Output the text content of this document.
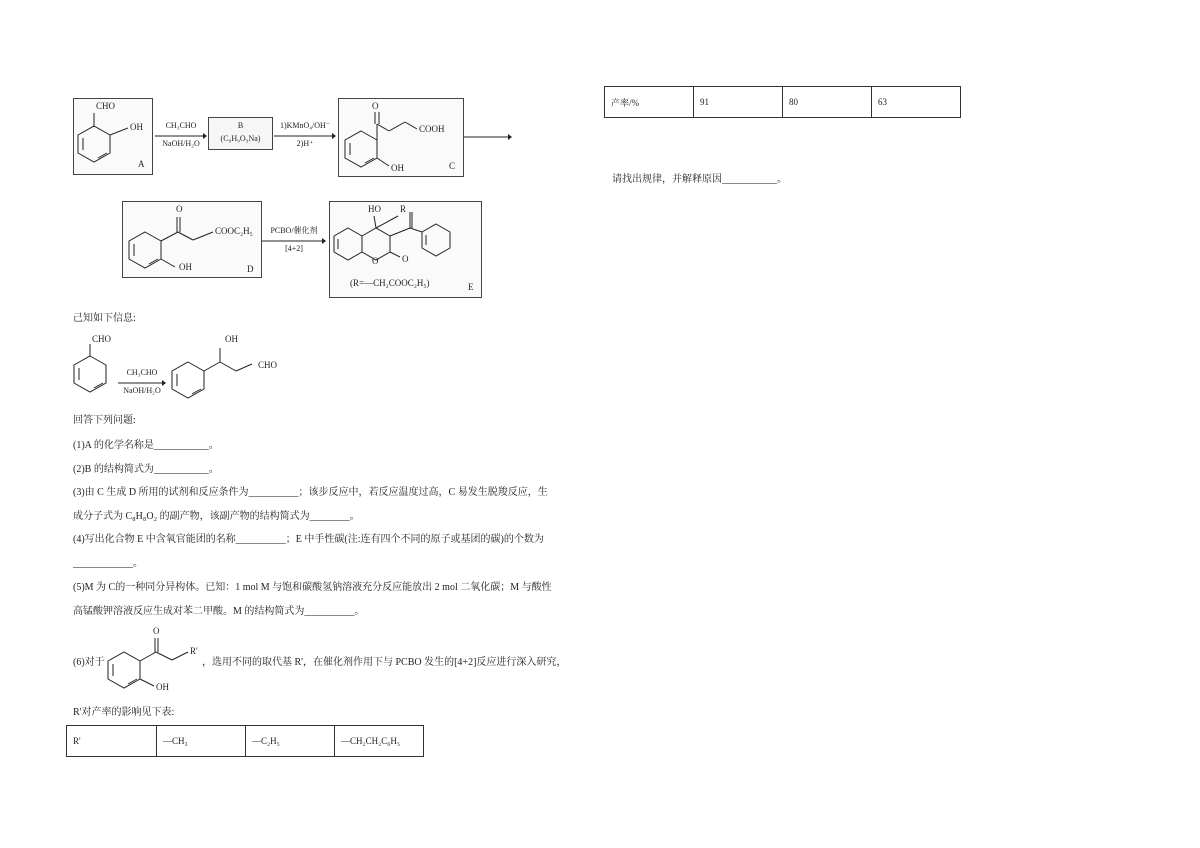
CHO
OH
A
CH₃CHO
NaOH/H₂O
B
(C₉H₉O₃Na)
1)KMnO₄/OH⁻
2)H⁺
O
COOH
OH	C
O
COOC₂H₅
OH	D
PCBO/催化剂
[4+2]
HO R
O	O
(R=—CH₂COOC₂H₅)	E
己知如下信息:
CHO
CH₃CHO
NaOH/H₂O
OH
CHO
回答下列问题:
(1)A 的化学名称是___________。
(2)B 的结构简式为___________。
(3)由 C 生成 D 所用的试剂和反应条件为__________；该步反应中，若反应温度过高，C 易发生脱羧反应，生
成分子式为 C₈H₈O₂ 的副产物，该副产物的结构简式为________。
(4)写出化合物 E 中含氧官能团的名称__________；E 中手性碳(注:连有四个不同的原子或基团的碳)的个数为
____________。
(5)M 为 C的一种同分异构体。已知：1 mol M 与饱和碳酸氢钠溶液充分反应能放出 2 mol 二氧化碳；M 与酸性
高锰酸钾溶液反应生成对苯二甲酸。M 的结构简式为__________。
(6)对于
O
R'
OH
，选用不同的取代基 R'，在催化剂作用下与 PCBO 发生的[4+2]反应进行深入研究，
R'对产率的影响见下表:
R'	—CH₃	—C₂H₅	—CH₂CH₂C₆H₅
产率/%	91	80	63
请找出规律，并解释原因___________。
